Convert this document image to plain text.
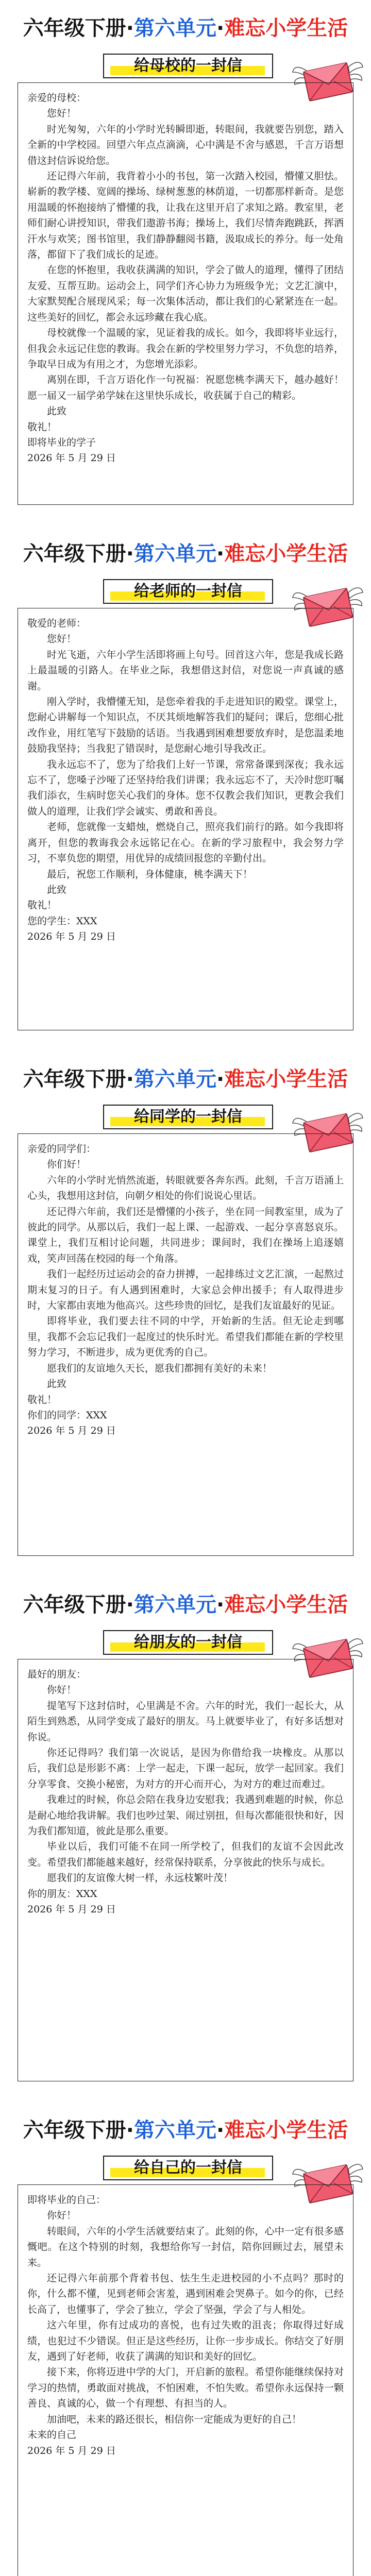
六年级下册·第六单元·难忘小学生活
给母校的一封信

亲爱的母校：

您好！

时光匆匆，六年的小学时光转瞬即逝，转眼间，我就要告别您，踏入全新的中学校园。回望六年点点滴滴，心中满是不舍与感恩，千言万语想借这封信诉说给您。

还记得六年前，我背着小小的书包，第一次踏入校园，懵懂又胆怯。崭新的教学楼、宽阔的操场、绿树葱葱的林荫道，一切都那样新奇。是您用温暖的怀抱接纳了懵懂的我，让我在这里开启了求知之路。教室里，老师们耐心讲授知识，带我们遨游书海；操场上，我们尽情奔跑跳跃，挥洒汗水与欢笑；图书馆里，我们静静翻阅书籍，汲取成长的养分。每一处角落，都留下了我们成长的足迹。

在您的怀抱里，我收获满满的知识，学会了做人的道理，懂得了团结友爱、互帮互助。运动会上，同学们齐心协力为班级争光；文艺汇演中，大家默契配合展现风采；每一次集体活动，都让我们的心紧紧连在一起。这些美好的回忆，都会永远珍藏在我心底。

母校就像一个温暖的家，见证着我的成长。如今，我即将毕业远行，但我会永远记住您的教诲。我会在新的学校里努力学习，不负您的培养，争取早日成为有用之才，为您增光添彩。

离别在即，千言万语化作一句祝福：祝愿您桃李满天下，越办越好！愿一届又一届学弟学妹在这里快乐成长，收获属于自己的精彩。

此致

敬礼！

即将毕业的学子

2026 年 5 月 29 日

六年级下册·第六单元·难忘小学生活
给老师的一封信

敬爱的老师：

您好！

时光飞逝，六年小学生活即将画上句号。回首这六年，您是我成长路上最温暖的引路人。在毕业之际，我想借这封信，对您说一声真诚的感谢。

刚入学时，我懵懂无知，是您牵着我的手走进知识的殿堂。课堂上，您耐心讲解每一个知识点，不厌其烦地解答我们的疑问；课后，您细心批改作业，用红笔写下鼓励的话语。当我遇到困难想要放弃时，是您温柔地鼓励我坚持；当我犯了错误时，是您耐心地引导我改正。

我永远忘不了，您为了给我们上好一节课，常常备课到深夜；我永远忘不了，您嗓子沙哑了还坚持给我们讲课；我永远忘不了，天冷时您叮嘱我们添衣，生病时您关心我们的身体。您不仅教会我们知识，更教会我们做人的道理，让我们学会诚实、勇敢和善良。

老师，您就像一支蜡烛，燃烧自己，照亮我们前行的路。如今我即将离开，但您的教诲我会永远铭记在心。在新的学习旅程中，我会努力学习，不辜负您的期望，用优异的成绩回报您的辛勤付出。

最后，祝您工作顺利，身体健康，桃李满天下！

此致

敬礼！

您的学生：XXX

2026 年 5 月 29 日

六年级下册·第六单元·难忘小学生活
给同学的一封信

亲爱的同学们：

你们好！

六年的小学时光悄然流逝，转眼就要各奔东西。此刻，千言万语涌上心头，我想用这封信，向朝夕相处的你们说说心里话。

还记得六年前，我们还是懵懂的小孩子，坐在同一间教室里，成为了彼此的同学。从那以后，我们一起上课、一起游戏、一起分享喜怒哀乐。课堂上，我们互相讨论问题，共同进步；课间时，我们在操场上追逐嬉戏，笑声回荡在校园的每一个角落。

我们一起经历过运动会的奋力拼搏，一起排练过文艺汇演，一起熬过期末复习的日子。有人遇到困难时，大家总会伸出援手；有人取得进步时，大家都由衷地为他高兴。这些珍贵的回忆，是我们友谊最好的见证。

即将毕业，我们要去往不同的中学，开始新的生活。但无论走到哪里，我都不会忘记我们一起度过的快乐时光。希望我们都能在新的学校里努力学习，不断进步，成为更优秀的自己。

愿我们的友谊地久天长，愿我们都拥有美好的未来！

此致

敬礼！

你们的同学：XXX

2026 年 5 月 29 日

六年级下册·第六单元·难忘小学生活
给朋友的一封信

最好的朋友：

你好！

提笔写下这封信时，心里满是不舍。六年的时光，我们一起长大，从陌生到熟悉，从同学变成了最好的朋友。马上就要毕业了，有好多话想对你说。

你还记得吗？我们第一次说话，是因为你借给我一块橡皮。从那以后，我们总是形影不离：上学一起走，下课一起玩，放学一起回家。我们分享零食、交换小秘密，为对方的开心而开心，为对方的难过而难过。

我难过的时候，你总会陪在我身边安慰我；我遇到难题的时候，你总是耐心地给我讲解。我们也吵过架、闹过别扭，但每次都能很快和好，因为我们都知道，彼此是那么重要。

毕业以后，我们可能不在同一所学校了，但我们的友谊不会因此改变。希望我们都能越来越好，经常保持联系，分享彼此的快乐与成长。

愿我们的友谊像大树一样，永远枝繁叶茂！

你的朋友：XXX

2026 年 5 月 29 日

六年级下册·第六单元·难忘小学生活
给自己的一封信

即将毕业的自己：

你好！

转眼间，六年的小学生活就要结束了。此刻的你，心中一定有很多感慨吧。在这个特别的时刻，我想给你写一封信，陪你回顾过去，展望未来。

还记得六年前那个背着书包、怯生生走进校园的小不点吗？那时的你，什么都不懂，见到老师会害羞，遇到困难会哭鼻子。如今的你，已经长高了，也懂事了，学会了独立，学会了坚强，学会了与人相处。

这六年里，你有过成功的喜悦，也有过失败的沮丧；你取得过好成绩，也犯过不少错误。但正是这些经历，让你一步步成长。你结交了好朋友，遇到了好老师，收获了满满的知识和美好的回忆。

接下来，你将迈进中学的大门，开启新的旅程。希望你能继续保持对学习的热情，勇敢面对挑战，不怕困难，不怕失败。希望你永远保持一颗善良、真诚的心，做一个有理想、有担当的人。

加油吧，未来的路还很长，相信你一定能成为更好的自己！

未来的自己

2026 年 5 月 29 日
